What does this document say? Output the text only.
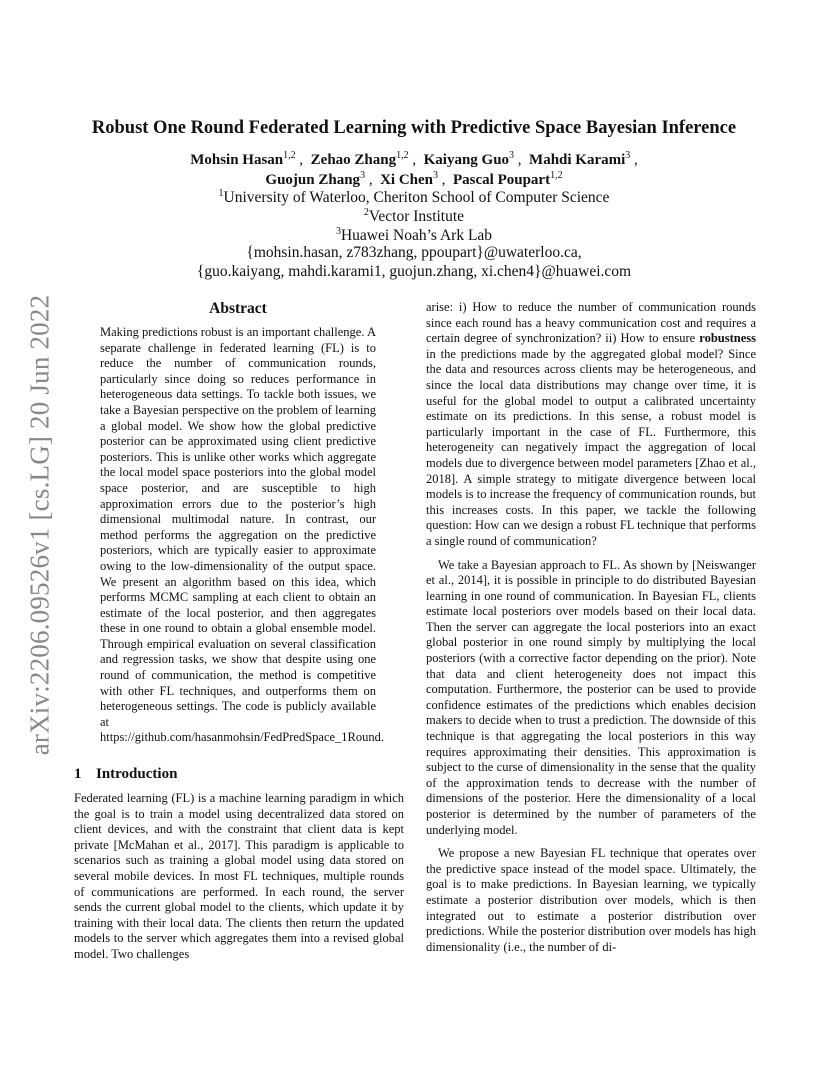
arXiv:2206.09526v1 [cs.LG] 20 Jun 2022
Robust One Round Federated Learning with Predictive Space Bayesian Inference
Mohsin Hasan$^{1,2}$ ,  Zehao Zhang$^{1,2}$ ,  Kaiyang Guo$^3$ ,  Mahdi Karami$^3$ ,
Guojun Zhang$^3$ ,  Xi Chen$^3$ ,  Pascal Poupart$^{1,2}$
$^1$University of Waterloo, Cheriton School of Computer Science
$^2$Vector Institute
$^3$Huawei Noah’s Ark Lab
{mohsin.hasan, z783zhang, ppoupart}@uwaterloo.ca,
{guo.kaiyang, mahdi.karami1, guojun.zhang, xi.chen4}@huawei.com
Abstract

Making predictions robust is an important challenge. A separate challenge in federated learning (FL) is to reduce the number of communication rounds, particularly since doing so reduces performance in heterogeneous data settings. To tackle both issues, we take a Bayesian perspective on the problem of learning a global model. We show how the global predictive posterior can be approximated using client predictive posteriors. This is unlike other works which aggregate the local model space posteriors into the global model space posterior, and are susceptible to high approximation errors due to the posterior’s high dimensional multimodal nature. In contrast, our method performs the aggregation on the predictive posteriors, which are typically easier to approximate owing to the low-dimensionality of the output space. We present an algorithm based on this idea, which performs MCMC sampling at each client to obtain an estimate of the local posterior, and then aggregates these in one round to obtain a global ensemble model. Through empirical evaluation on several classification and regression tasks, we show that despite using one round of communication, the method is competitive with other FL techniques, and outperforms them on heterogeneous settings. The code is publicly available at https://github.com/hasanmohsin/FedPredSpace_1Round.

1 Introduction

Federated learning (FL) is a machine learning paradigm in which the goal is to train a model using decentralized data stored on client devices, and with the constraint that client data is kept private [McMahan et al., 2017]. This paradigm is applicable to scenarios such as training a global model using data stored on several mobile devices. In most FL techniques, multiple rounds of communications are performed. In each round, the server sends the current global model to the clients, which update it by training with their local data. The clients then return the updated models to the server which aggregates them into a revised global model. Two challenges

arise: i) How to reduce the number of communication rounds since each round has a heavy communication cost and requires a certain degree of synchronization? ii) How to ensure robustness in the predictions made by the aggregated global model? Since the data and resources across clients may be heterogeneous, and since the local data distributions may change over time, it is useful for the global model to output a calibrated uncertainty estimate on its predictions. In this sense, a robust model is particularly important in the case of FL. Furthermore, this heterogeneity can negatively impact the aggregation of local models due to divergence between model parameters [Zhao et al., 2018]. A simple strategy to mitigate divergence between local models is to increase the frequency of communication rounds, but this increases costs. In this paper, we tackle the following question: How can we design a robust FL technique that performs a single round of communication?

We take a Bayesian approach to FL. As shown by [Neiswanger et al., 2014], it is possible in principle to do distributed Bayesian learning in one round of communication. In Bayesian FL, clients estimate local posteriors over models based on their local data. Then the server can aggregate the local posteriors into an exact global posterior in one round simply by multiplying the local posteriors (with a corrective factor depending on the prior). Note that data and client heterogeneity does not impact this computation. Furthermore, the posterior can be used to provide confidence estimates of the predictions which enables decision makers to decide when to trust a prediction. The downside of this technique is that aggregating the local posteriors in this way requires approximating their densities. This approximation is subject to the curse of dimensionality in the sense that the quality of the approximation tends to decrease with the number of dimensions of the posterior. Here the dimensionality of a local posterior is determined by the number of parameters of the underlying model.

We propose a new Bayesian FL technique that operates over the predictive space instead of the model space. Ultimately, the goal is to make predictions. In Bayesian learning, we typically estimate a posterior distribution over models, which is then integrated out to estimate a posterior distribution over predictions. While the posterior distribution over models has high dimensionality (i.e., the number of di-
